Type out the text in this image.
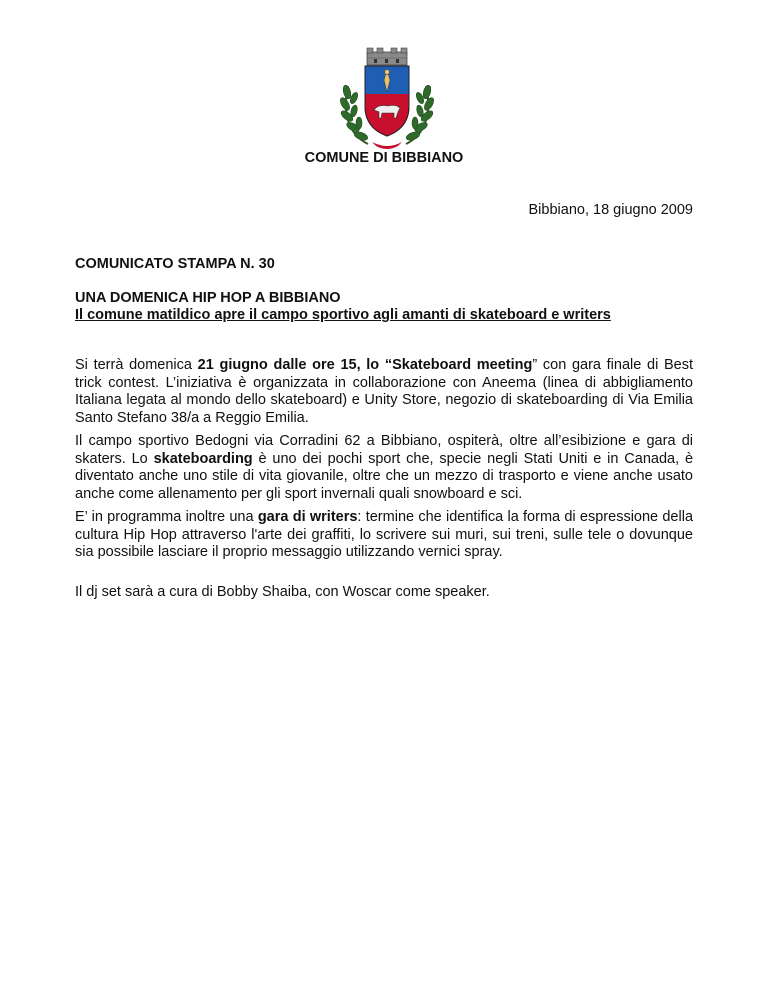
COMUNE DI BIBBIANO
Bibbiano, 18 giugno 2009
COMUNICATO STAMPA N. 30
UNA DOMENICA HIP HOP A BIBBIANO
Il comune matildico apre il campo sportivo agli amanti di skateboard e writers

Si terrà domenica 21 giugno dalle ore 15, lo “Skateboard meeting” con gara finale di Best trick contest. L’iniziativa è organizzata in collaborazione con Aneema (linea di abbigliamento Italiana legata al mondo dello skateboard) e Unity Store, negozio di skateboarding di Via Emilia Santo Stefano 38/a a Reggio Emilia.

Il campo sportivo Bedogni via Corradini 62 a Bibbiano, ospiterà, oltre all’esibizione e gara di skaters. Lo skateboarding è uno dei pochi sport che, specie negli Stati Uniti e in Canada, è diventato anche uno stile di vita giovanile, oltre che un mezzo di trasporto e viene anche usato anche come allenamento per gli sport invernali quali snowboard e sci.

E’ in programma inoltre una gara di writers: termine che identifica la forma di espressione della cultura Hip Hop attraverso l'arte dei graffiti, lo scrivere sui muri, sui treni, sulle tele o dovunque sia possibile lasciare il proprio messaggio utilizzando vernici spray.

Il dj set sarà a cura di Bobby Shaiba, con Woscar come speaker.
